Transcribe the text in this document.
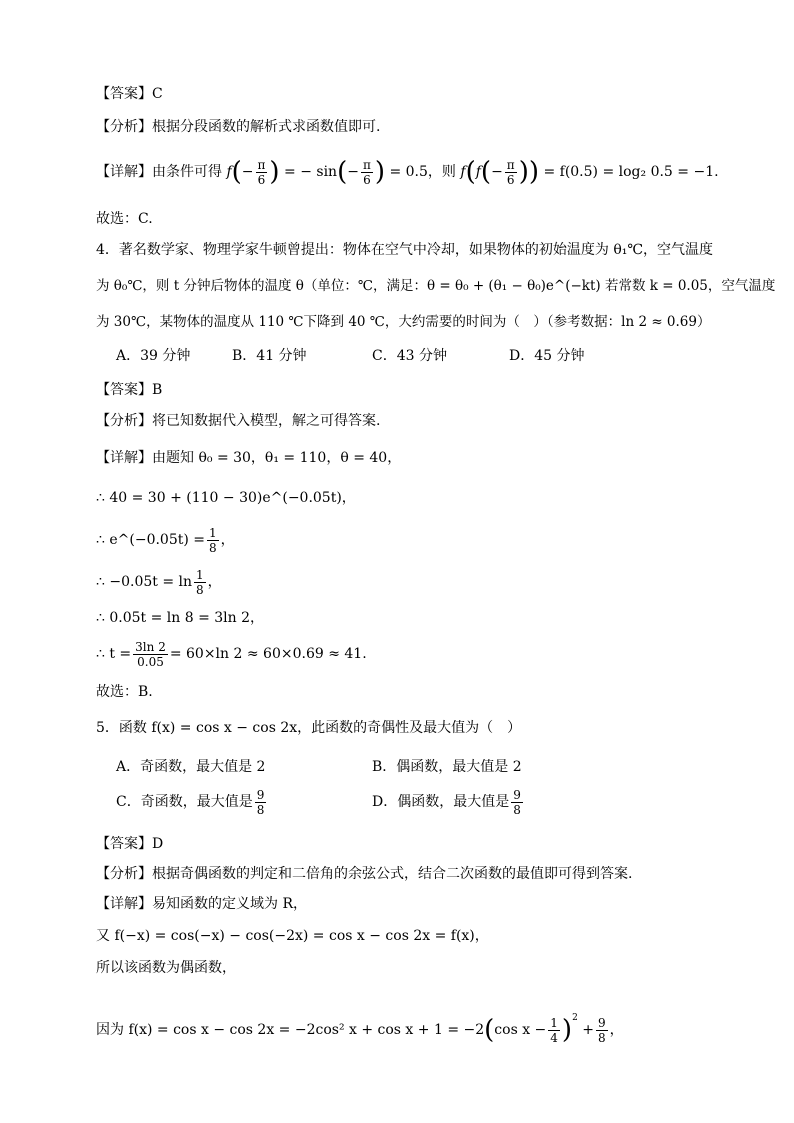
【答案】C
【分析】根据分段函数的解析式求函数值即可.
【详解】由条件可得 $f(- \frac{\pi}{6}$ ) = − $\sin(- \frac{\pi}{6}$ ) = 0.5，则 $f(f(- \frac{\pi}{6}$ )) = f(0.5) = log₂ 0.5 = −1.
故选：C.
4．著名数学家、物理学家牛顿曾提出：物体在空气中冷却，如果物体的初始温度为 θ₁℃，空气温度
为 θ₀℃，则 t 分钟后物体的温度 θ（单位：℃，满足：θ = θ₀ + (θ₁ − θ₀)e^(−kt) 若常数 k = 0.05，空气温度
为 30℃，某物体的温度从 110 ℃下降到 40 ℃，大约需要的时间为（　）（参考数据：ln 2 ≈ 0.69）
A．39 分钟	B．41 分钟	C．43 分钟	D．45 分钟
【答案】B
【分析】将已知数据代入模型，解之可得答案.
【详解】由题知 θ₀ = 30，θ₁ = 110，θ = 40，
∴ 40 = 30 + (110 − 30)e^(−0.05t)，
∴ e^(−0.05t) = $\frac{1}{8}$ ，
∴ $-0.05t = \ln \frac{1}{8}$ ，
∴ 0.05t = ln 8 = 3ln 2，
∴ $t = \frac{3\ln 2}{0.05} = 60\times\ln$ 2 ≈ 60×0.69 ≈ 41.
故选：B.
5．函数 f(x) = cos x − cos 2x，此函数的奇偶性及最大值为（　）
A．奇函数，最大值是 2	B．偶函数，最大值是 2
C．奇函数，最大值是 $\frac{9}{8}$	D．偶函数，最大值是 $\frac{9}{8}$
【答案】D
【分析】根据奇偶函数的判定和二倍角的余弦公式，结合二次函数的最值即可得到答案.
【详解】易知函数的定义域为 R，
又 f(−x) = cos(−x) − cos(−2x) = cos x − cos 2x = f(x)，
所以该函数为偶函数，
因为 f(x) = cos x − cos 2x = −2cos² x + cos x + 1 = −2(cos $x - \frac{1}{4} )^2 + \frac{9}{8}$ ，
